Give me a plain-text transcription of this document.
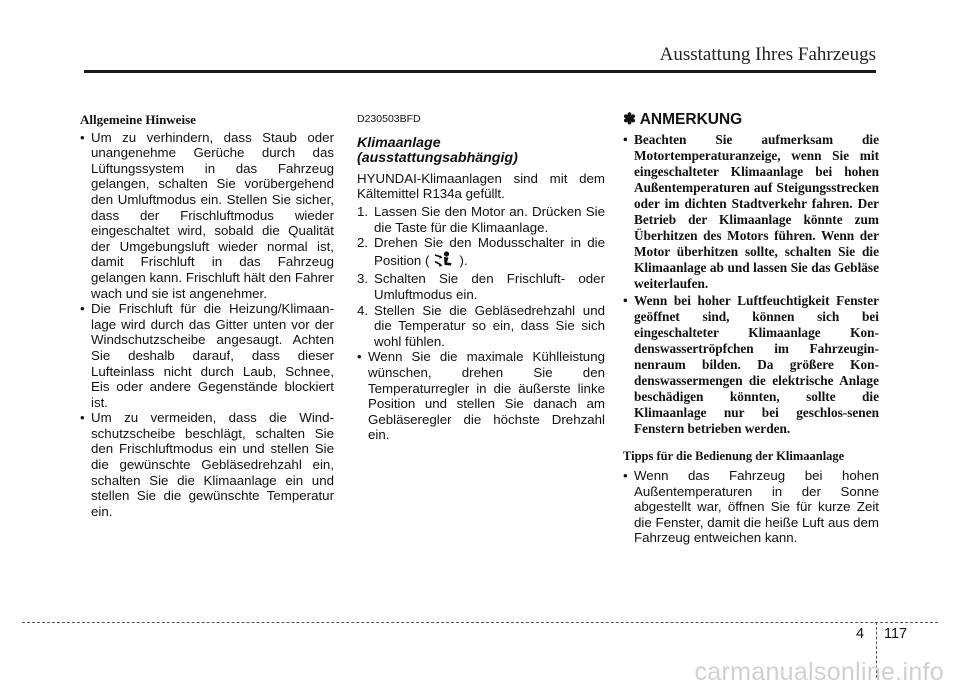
Ausstattung Ihres Fahrzeugs
Allgemeine Hinweise
• Um zu verhindern, dass Staub oder unangenehme Gerüche durch das Lüftungssystem in das Fahrzeug gelangen, schalten Sie vorübergehend den Umluftmodus ein. Stellen Sie sicher, dass der Frischluftmodus wieder eingeschaltet wird, sobald die Qualität der Umgebungsluft wieder normal ist, damit Frischluft in das Fahrzeug gelangen kann. Frischluft hält den Fahrer wach und sie ist angenehmer.
• Die Frischluft für die Heizung/Klimaan-lage wird durch das Gitter unten vor der Windschutzscheibe angesaugt. Achten Sie deshalb darauf, dass dieser Lufteinlass nicht durch Laub, Schnee, Eis oder andere Gegenstände blockiert ist.
• Um zu vermeiden, dass die Wind-schutzscheibe beschlägt, schalten Sie den Frischluftmodus ein und stellen Sie die gewünschte Gebläsedrehzahl ein, schalten Sie die Klimaanlage ein und stellen Sie die gewünschte Temperatur ein.
D230503BFD
Klimaanlage (ausstattungsabhängig)
HYUNDAI-Klimaanlagen sind mit dem Kältemittel R134a gefüllt.
1. Lassen Sie den Motor an. Drücken Sie die Taste für die Klimaanlage.
2. Drehen Sie den Modusschalter in die Position ( ).
3. Schalten Sie den Frischluft- oder Umluftmodus ein.
4. Stellen Sie die Gebläsedrehzahl und die Temperatur so ein, dass Sie sich wohl fühlen.
• Wenn Sie die maximale Kühlleistung wünschen, drehen Sie den Temperaturregler in die äußerste linke Position und stellen Sie danach am Gebläseregler die höchste Drehzahl ein.
✽ ANMERKUNG
• Beachten Sie aufmerksam die Motortemperaturanzeige, wenn Sie mit eingeschalteter Klimaanlage bei hohen Außentemperaturen auf Steigungsstrecken oder im dichten Stadtverkehr fahren. Der Betrieb der Klimaanlage könnte zum Überhitzen des Motors führen. Wenn der Motor überhitzen sollte, schalten Sie die Klimaanlage ab und lassen Sie das Gebläse weiterlaufen.
• Wenn bei hoher Luftfeuchtigkeit Fenster geöffnet sind, können sich bei eingeschalteter Klimaanlage Kon-denswassertröpfchen im Fahrzeugin-nenraum bilden. Da größere Kon-denswassermengen die elektrische Anlage beschädigen könnten, sollte die Klimaanlage nur bei geschlos-senen Fenstern betrieben werden.
Tipps für die Bedienung der Klimaanlage
• Wenn das Fahrzeug bei hohen Außentemperaturen in der Sonne abgestellt war, öffnen Sie für kurze Zeit die Fenster, damit die heiße Luft aus dem Fahrzeug entweichen kann.
4 117
carmanualsonline.info
